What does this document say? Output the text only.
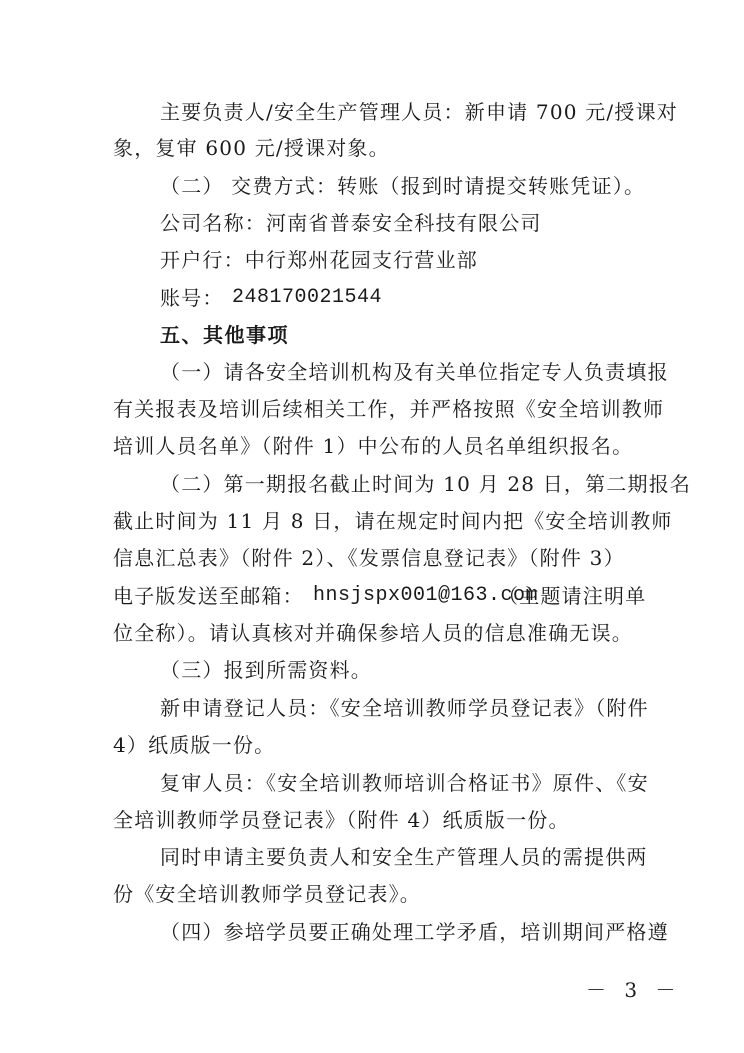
主要负责人/安全生产管理人员：新申请 700 元/授课对
象，复审 600 元/授课对象。
（二） 交费方式：转账（报到时请提交转账凭证）。
公司名称：河南省普泰安全科技有限公司
开户行：中行郑州花园支行营业部
账号： 248170021544
五、其他事项
（一）请各安全培训机构及有关单位指定专人负责填报
有关报表及培训后续相关工作，并严格按照《安全培训教师
培训人员名单》（附件 1）中公布的人员名单组织报名。
（二）第一期报名截止时间为 10 月 28 日，第二期报名
截止时间为 11 月 8 日，请在规定时间内把《安全培训教师
信息汇总表》（附件 2）、《发票信息登记表》（附件 3）
电子版发送至邮箱： hnsjspx001@163.com
（主题请注明单
位全称）。请认真核对并确保参培人员的信息准确无误。
（三）报到所需资料。
新申请登记人员：《安全培训教师学员登记表》（附件
4）纸质版一份。
复审人员：《安全培训教师培训合格证书》原件、《安
全培训教师学员登记表》（附件 4）纸质版一份。
同时申请主要负责人和安全生产管理人员的需提供两
份《安全培训教师学员登记表》。
（四）参培学员要正确处理工学矛盾，培训期间严格遵
－ 3 －
